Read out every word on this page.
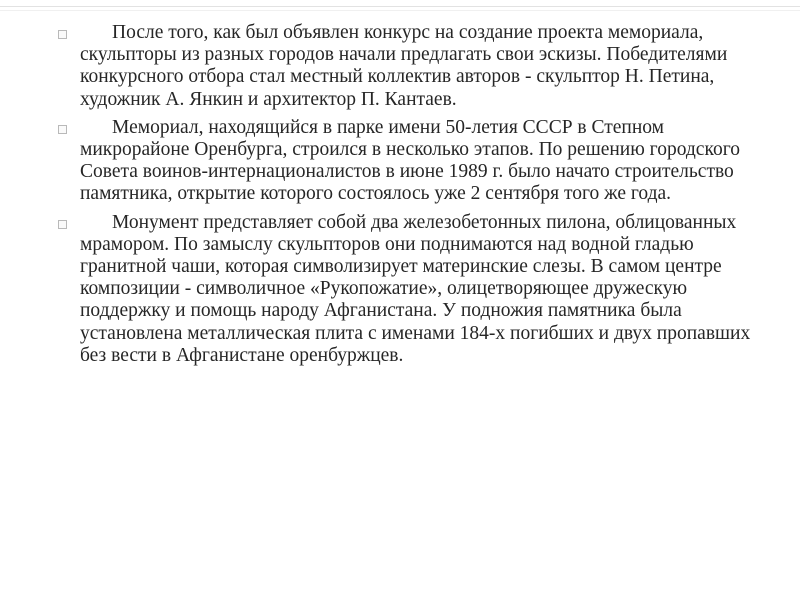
После того, как был объявлен конкурс на создание проекта мемориала, скульпторы из разных городов начали предлагать свои эскизы. Победителями конкурсного отбора стал местный коллектив авторов - скульптор Н. Петина, художник А. Янкин и архитектор П. Кантаев.
Мемориал, находящийся в парке имени 50-летия СССР в Степном микрорайоне Оренбурга, строился в несколько этапов. По решению городского Совета воинов-интернационалистов в июне 1989 г. было начато строительство памятника, открытие которого состоялось уже 2 сентября того же года.
Монумент представляет собой два железобетонных пилона, облицованных мрамором. По замыслу скульпторов они поднимаются над водной гладью гранитной чаши, которая символизирует материнские слезы. В самом центре композиции - символичное «Рукопожатие», олицетворяющее дружескую поддержку и помощь народу Афганистана. У подножия памятника была установлена металлическая плита с именами 184-х погибших и двух пропавших без вести в Афганистане оренбуржцев.
